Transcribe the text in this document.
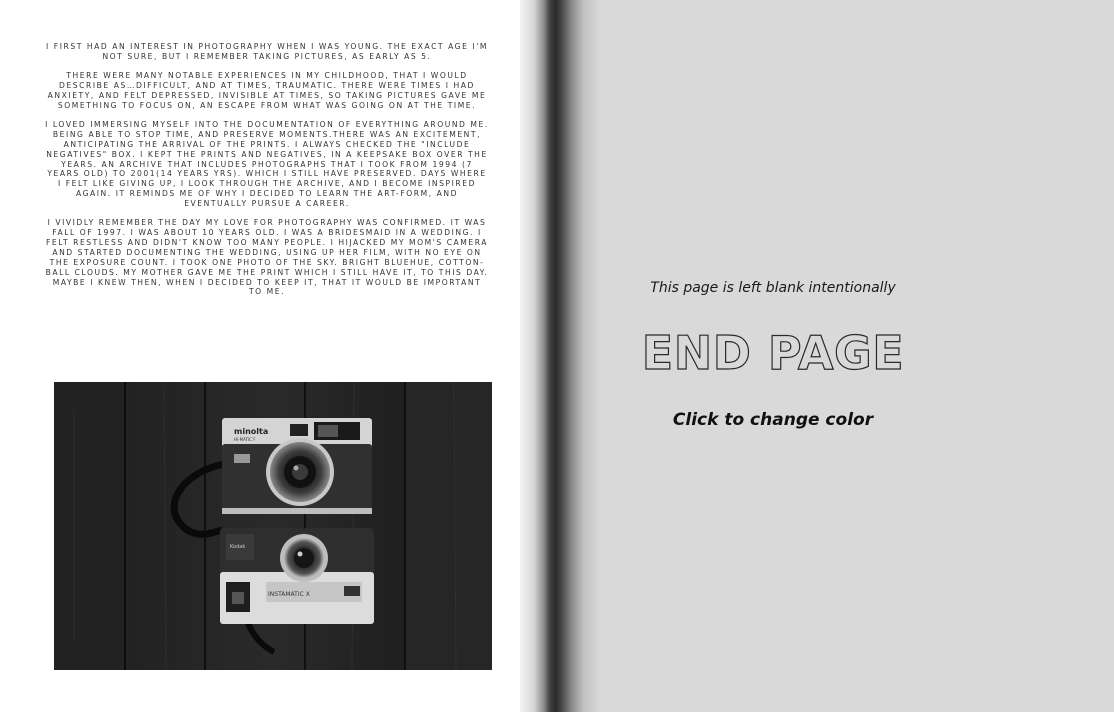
I FIRST HAD AN INTEREST IN PHOTOGRAPHY WHEN I WAS YOUNG. THE EXACT AGE I'M NOT SURE, BUT I REMEMBER TAKING PICTURES, AS EARLY AS 5.

THERE WERE MANY NOTABLE EXPERIENCES IN MY CHILDHOOD, THAT I WOULD DESCRIBE AS…DIFFICULT, AND AT TIMES, TRAUMATIC. THERE WERE TIMES I HAD ANXIETY, AND FELT DEPRESSED, INVISIBLE AT TIMES, SO TAKING PICTURES GAVE ME SOMETHING TO FOCUS ON, AN ESCAPE FROM WHAT WAS GOING ON AT THE TIME.

I LOVED IMMERSING MYSELF INTO THE DOCUMENTATION OF EVERYTHING AROUND ME. BEING ABLE TO STOP TIME, AND PRESERVE MOMENTS.THERE WAS AN EXCITEMENT, ANTICIPATING THE ARRIVAL OF THE PRINTS. I ALWAYS CHECKED THE "INCLUDE NEGATIVES" BOX. I KEPT THE PRINTS AND NEGATIVES, IN A KEEPSAKE BOX OVER THE YEARS. AN ARCHIVE THAT INCLUDES PHOTOGRAPHS THAT I TOOK FROM 1994 (7 YEARS OLD) TO 2001(14 YEARS YRS). WHICH I STILL HAVE PRESERVED. DAYS WHERE I FELT LIKE GIVING UP, I LOOK THROUGH THE ARCHIVE, AND I BECOME INSPIRED AGAIN. IT REMINDS ME OF WHY I DECIDED TO LEARN THE ART-FORM, AND EVENTUALLY PURSUE A CAREER.

I VIVIDLY REMEMBER THE DAY MY LOVE FOR PHOTOGRAPHY WAS CONFIRMED. IT WAS FALL OF 1997. I WAS ABOUT 10 YEARS OLD. I WAS A BRIDESMAID IN A WEDDING. I FELT RESTLESS AND DIDN'T KNOW TOO MANY PEOPLE. I HIJACKED MY MOM'S CAMERA AND STARTED DOCUMENTING THE WEDDING, USING UP HER FILM, WITH NO EYE ON THE EXPOSURE COUNT. I TOOK ONE PHOTO OF THE SKY. BRIGHT BLUEHUE, COTTON-BALL CLOUDS. MY MOTHER GAVE ME THE PRINT WHICH I STILL HAVE IT, TO THIS DAY. MAYBE I KNEW THEN, WHEN I DECIDED TO KEEP IT, THAT IT WOULD BE IMPORTANT TO ME.

minolta
HI-MATIC F
Kodak
INSTAMATIC X
This page is left blank intentionally
END PAGE
Click to change color
